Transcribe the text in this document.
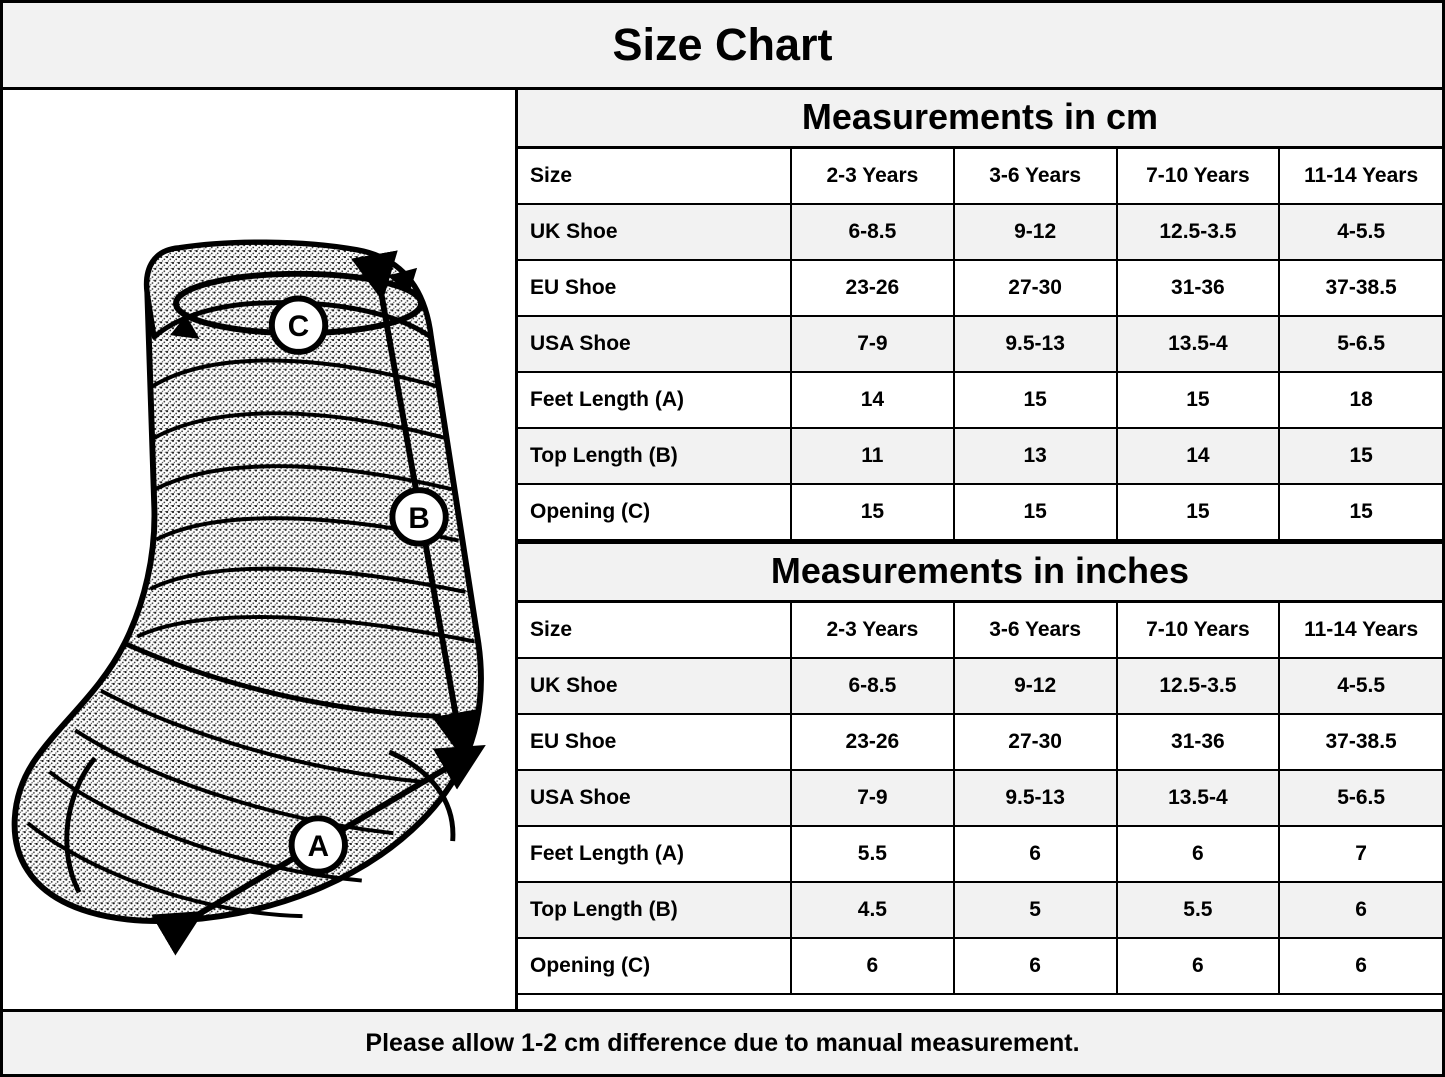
Size Chart
A
B
C
Measurements in cm
Size	2-3 Years	3-6 Years	7-10 Years	11-14 Years
UK Shoe	6-8.5	9-12	12.5-3.5	4-5.5
EU Shoe	23-26	27-30	31-36	37-38.5
USA Shoe	7-9	9.5-13	13.5-4	5-6.5
Feet Length (A)	14	15	15	18
Top Length (B)	11	13	14	15
Opening (C)	15	15	15	15
Measurements in inches
Size	2-3 Years	3-6 Years	7-10 Years	11-14 Years
UK Shoe	6-8.5	9-12	12.5-3.5	4-5.5
EU Shoe	23-26	27-30	31-36	37-38.5
USA Shoe	7-9	9.5-13	13.5-4	5-6.5
Feet Length (A)	5.5	6	6	7
Top Length (B)	4.5	5	5.5	6
Opening (C)	6	6	6	6
Please allow 1-2 cm difference due to manual measurement.
